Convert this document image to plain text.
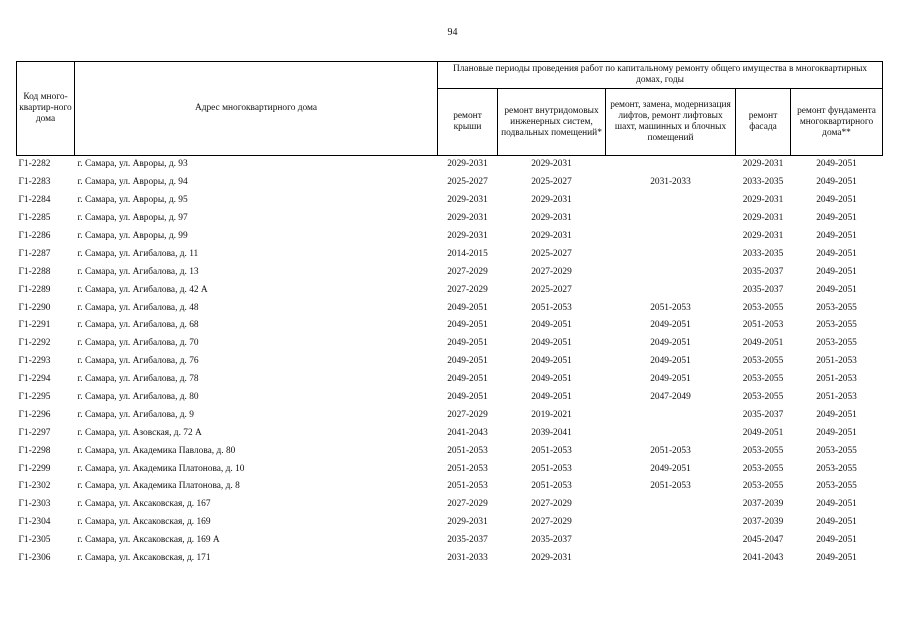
94
Код много-квартир-ного дома	Адрес многоквартирного дома	Плановые периоды проведения работ по капитальному ремонту общего имущества в многоквартирных домах, годы				
		ремонт крыши	ремонт внутридомовых инженерных систем, подвальных помещений*	ремонт, замена, модернизация лифтов, ремонт лифтовых шахт, машинных и блочных помещений	ремонт фасада	ремонт фундамента многоквартирного дома**
Г1-2282	г. Самара, ул. Авроры, д. 93	2029-2031	2029-2031		2029-2031	2049-2051
Г1-2283	г. Самара, ул. Авроры, д. 94	2025-2027	2025-2027	2031-2033	2033-2035	2049-2051
Г1-2284	г. Самара, ул. Авроры, д. 95	2029-2031	2029-2031		2029-2031	2049-2051
Г1-2285	г. Самара, ул. Авроры, д. 97	2029-2031	2029-2031		2029-2031	2049-2051
Г1-2286	г. Самара, ул. Авроры, д. 99	2029-2031	2029-2031		2029-2031	2049-2051
Г1-2287	г. Самара, ул. Агибалова, д. 11	2014-2015	2025-2027		2033-2035	2049-2051
Г1-2288	г. Самара, ул. Агибалова, д. 13	2027-2029	2027-2029		2035-2037	2049-2051
Г1-2289	г. Самара, ул. Агибалова, д. 42 А	2027-2029	2025-2027		2035-2037	2049-2051
Г1-2290	г. Самара, ул. Агибалова, д. 48	2049-2051	2051-2053	2051-2053	2053-2055	2053-2055
Г1-2291	г. Самара, ул. Агибалова, д. 68	2049-2051	2049-2051	2049-2051	2051-2053	2053-2055
Г1-2292	г. Самара, ул. Агибалова, д. 70	2049-2051	2049-2051	2049-2051	2049-2051	2053-2055
Г1-2293	г. Самара, ул. Агибалова, д. 76	2049-2051	2049-2051	2049-2051	2053-2055	2051-2053
Г1-2294	г. Самара, ул. Агибалова, д. 78	2049-2051	2049-2051	2049-2051	2053-2055	2051-2053
Г1-2295	г. Самара, ул. Агибалова, д. 80	2049-2051	2049-2051	2047-2049	2053-2055	2051-2053
Г1-2296	г. Самара, ул. Агибалова, д. 9	2027-2029	2019-2021		2035-2037	2049-2051
Г1-2297	г. Самара, ул. Азовская, д. 72 А	2041-2043	2039-2041		2049-2051	2049-2051
Г1-2298	г. Самара, ул. Академика Павлова, д. 80	2051-2053	2051-2053	2051-2053	2053-2055	2053-2055
Г1-2299	г. Самара, ул. Академика Платонова, д. 10	2051-2053	2051-2053	2049-2051	2053-2055	2053-2055
Г1-2302	г. Самара, ул. Академика Платонова, д. 8	2051-2053	2051-2053	2051-2053	2053-2055	2053-2055
Г1-2303	г. Самара, ул. Аксаковская, д. 167	2027-2029	2027-2029		2037-2039	2049-2051
Г1-2304	г. Самара, ул. Аксаковская, д. 169	2029-2031	2027-2029		2037-2039	2049-2051
Г1-2305	г. Самара, ул. Аксаковская, д. 169 А	2035-2037	2035-2037		2045-2047	2049-2051
Г1-2306	г. Самара, ул. Аксаковская, д. 171	2031-2033	2029-2031		2041-2043	2049-2051
